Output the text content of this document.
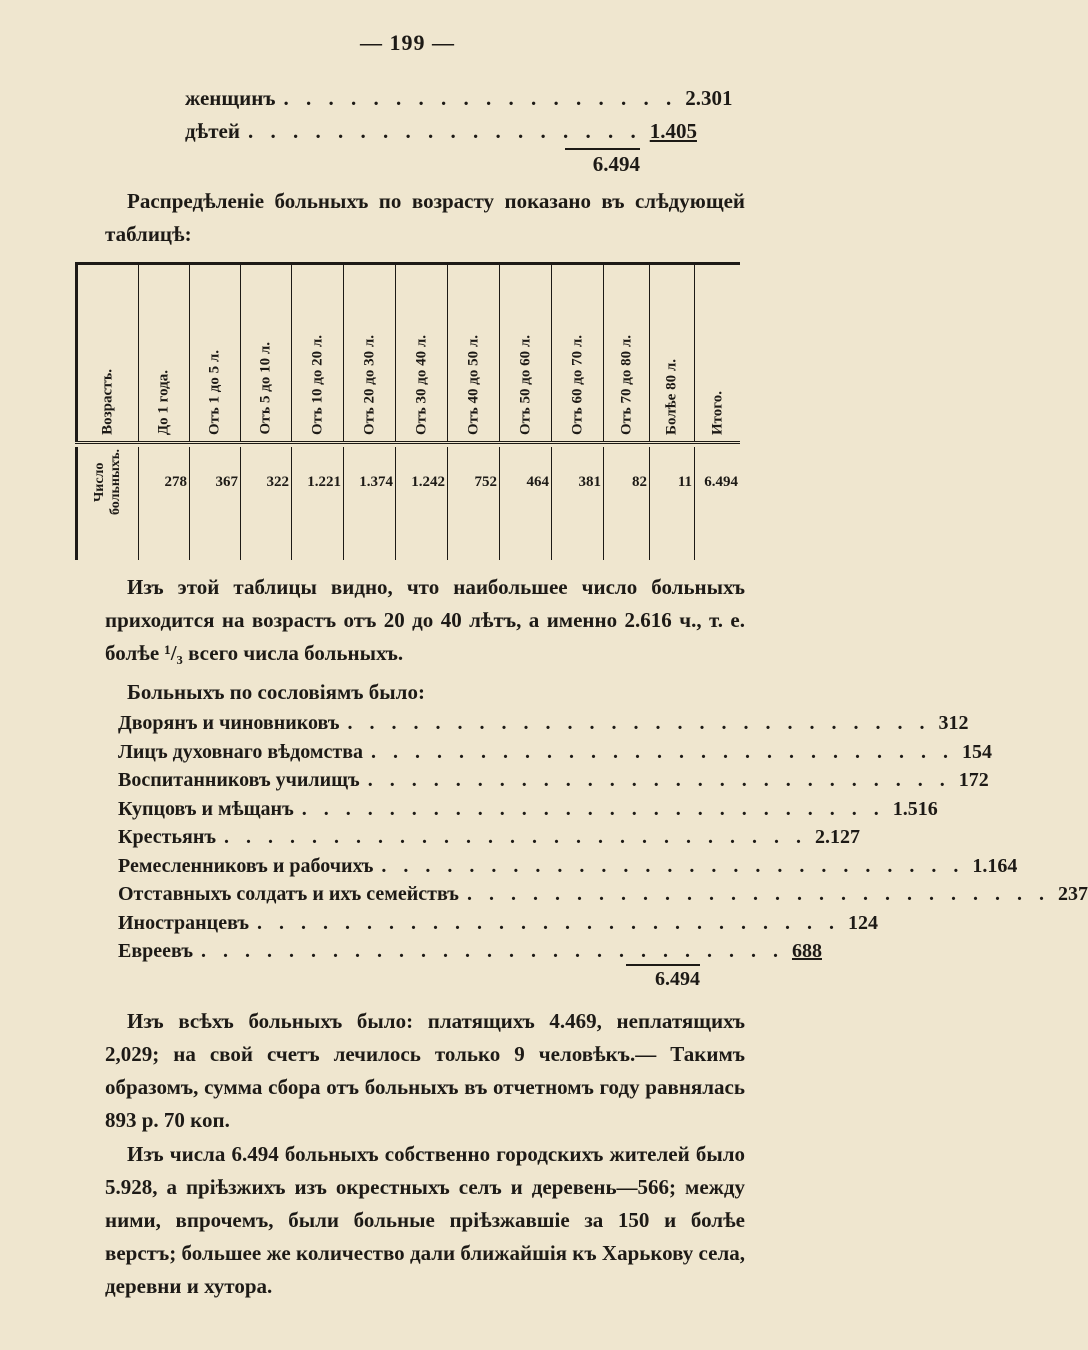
— 199 —
женщинъ . . . . . . . . . . . . . . . . . . 2.301
дѣтей . . . . . . . . . . . . . . . . . . 1.405
6.494

Распредѣленіе больныхъ по возрасту показано въ слѣдующей таблицѣ:

Возрастъ.	До 1 года. Отъ 1 до 5 л. Отъ 5 до 10 л. Отъ 10 до 20 л. Отъ 20 до 30 л. Отъ 30 до 40 л. Отъ 40 до 50 л. Отъ 50 до 60 л. Отъ 60 до 70 л. Отъ 70 до 80 л. Болѣе 80 л. Итого.
Число
больныхъ.	278 367 322 1.221 1.374 1.242 752 464 381 82 11 6.494

Изъ этой таблицы видно, что наибольшее число больныхъ приходится на возрастъ отъ 20 до 40 лѣтъ, а именно 2.616 ч., т. е. болѣе ¹/₃ всего числа больныхъ.

Больныхъ по сословіямъ было:

Дворянъ и чиновниковъ . . . . . . . . . . . . . . . . . . . . . . . . . . . 312
Лицъ духовнаго вѣдомства . . . . . . . . . . . . . . . . . . . . . . . . . . . 154
Воспитанниковъ училищъ . . . . . . . . . . . . . . . . . . . . . . . . . . . 172
Купцовъ и мѣщанъ . . . . . . . . . . . . . . . . . . . . . . . . . . . 1.516
Крестьянъ . . . . . . . . . . . . . . . . . . . . . . . . . . . 2.127
Ремесленниковъ и рабочихъ . . . . . . . . . . . . . . . . . . . . . . . . . . . 1.164
Отставныхъ солдатъ и ихъ семействъ . . . . . . . . . . . . . . . . . . . . . . . . . . . 237
Иностранцевъ . . . . . . . . . . . . . . . . . . . . . . . . . . . 124
Евреевъ . . . . . . . . . . . . . . . . . . . . . . . . . . . 688
6.494

Изъ всѣхъ больныхъ было: платящихъ 4.469, неплатящихъ 2,029; на свой счетъ лечилось только 9 человѣкъ.— Такимъ образомъ, сумма сбора отъ больныхъ въ отчетномъ году равнялась 893 р. 70 коп.

Изъ числа 6.494 больныхъ собственно городскихъ жителей было 5.928, а пріѣзжихъ изъ окрестныхъ селъ и деревень—566; между ними, впрочемъ, были больные пріѣзжавшіе за 150 и болѣе верстъ; большее же количество дали ближайшія къ Харькову села, деревни и хутора.
